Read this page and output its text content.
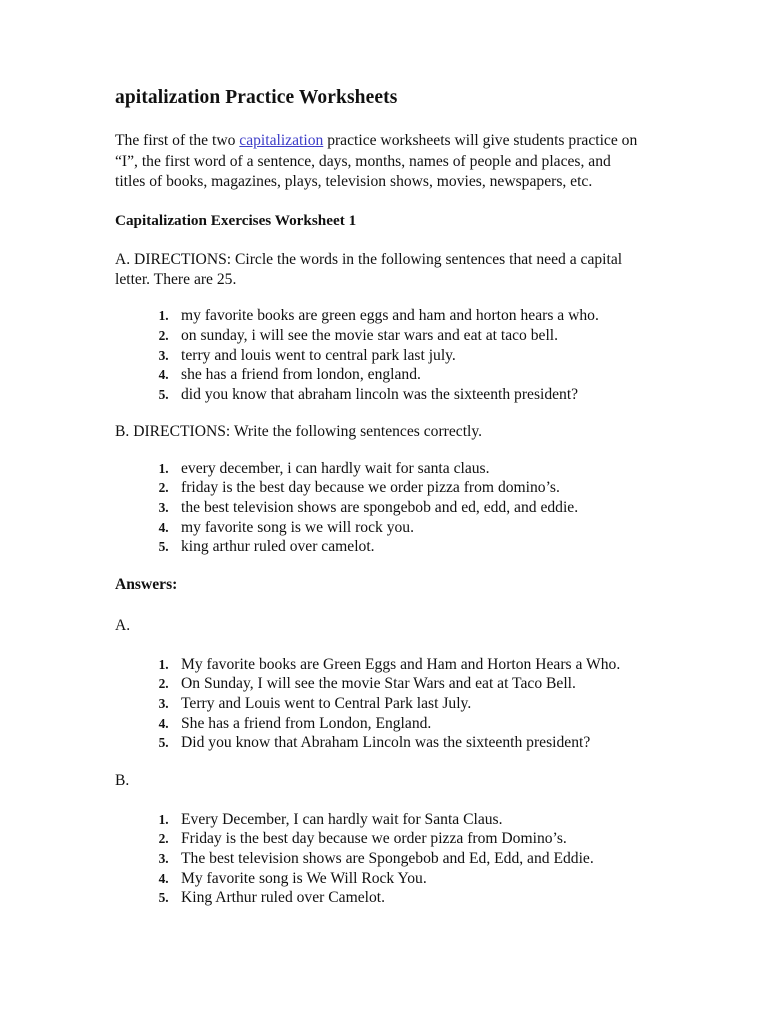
apitalization Practice Worksheets

The first of the two capitalization practice worksheets will give students practice on “I”, the first word of a sentence, days, months, names of people and places, and titles of books, magazines, plays, television shows, movies, newspapers, etc.

Capitalization Exercises Worksheet 1

A. DIRECTIONS: Circle the words in the following sentences that need a capital letter. There are 25.

1. my favorite books are green eggs and ham and horton hears a who.
2. on sunday, i will see the movie star wars and eat at taco bell.
3. terry and louis went to central park last july.
4. she has a friend from london, england.
5. did you know that abraham lincoln was the sixteenth president?

B. DIRECTIONS: Write the following sentences correctly.

1. every december, i can hardly wait for santa claus.
2. friday is the best day because we order pizza from domino’s.
3. the best television shows are spongebob and ed, edd, and eddie.
4. my favorite song is we will rock you.
5. king arthur ruled over camelot.
Answers:

A.

1. My favorite books are Green Eggs and Ham and Horton Hears a Who.
2. On Sunday, I will see the movie Star Wars and eat at Taco Bell.
3. Terry and Louis went to Central Park last July.
4. She has a friend from London, England.
5. Did you know that Abraham Lincoln was the sixteenth president?

B.

1. Every December, I can hardly wait for Santa Claus.
2. Friday is the best day because we order pizza from Domino’s.
3. The best television shows are Spongebob and Ed, Edd, and Eddie.
4. My favorite song is We Will Rock You.
5. King Arthur ruled over Camelot.
